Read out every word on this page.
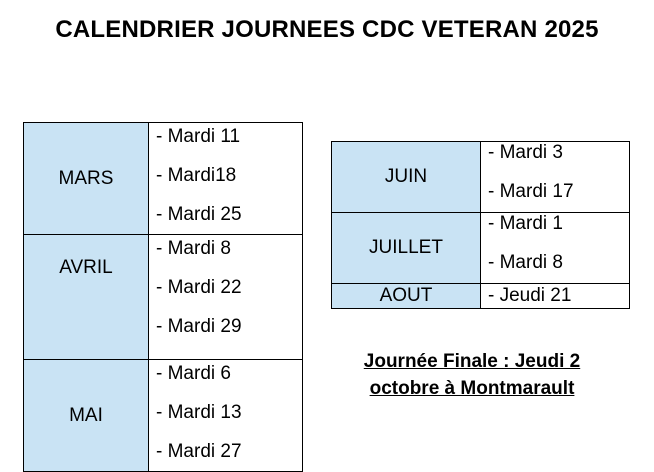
CALENDRIER JOURNEES CDC VETERAN 2025
MARS	- Mardi 11
- Mardi18
- Mardi 25

AVRIL	- Mardi 8
- Mardi 22
- Mardi 29

MAI	- Mardi 6
- Mardi 13
- Mardi 27
JUIN	- Mardi 3
- Mardi 17

JUILLET	- Mardi 1
- Mardi 8

AOUT	- Jeudi 21
Journée Finale : Jeudi 2
octobre à Montmarault
